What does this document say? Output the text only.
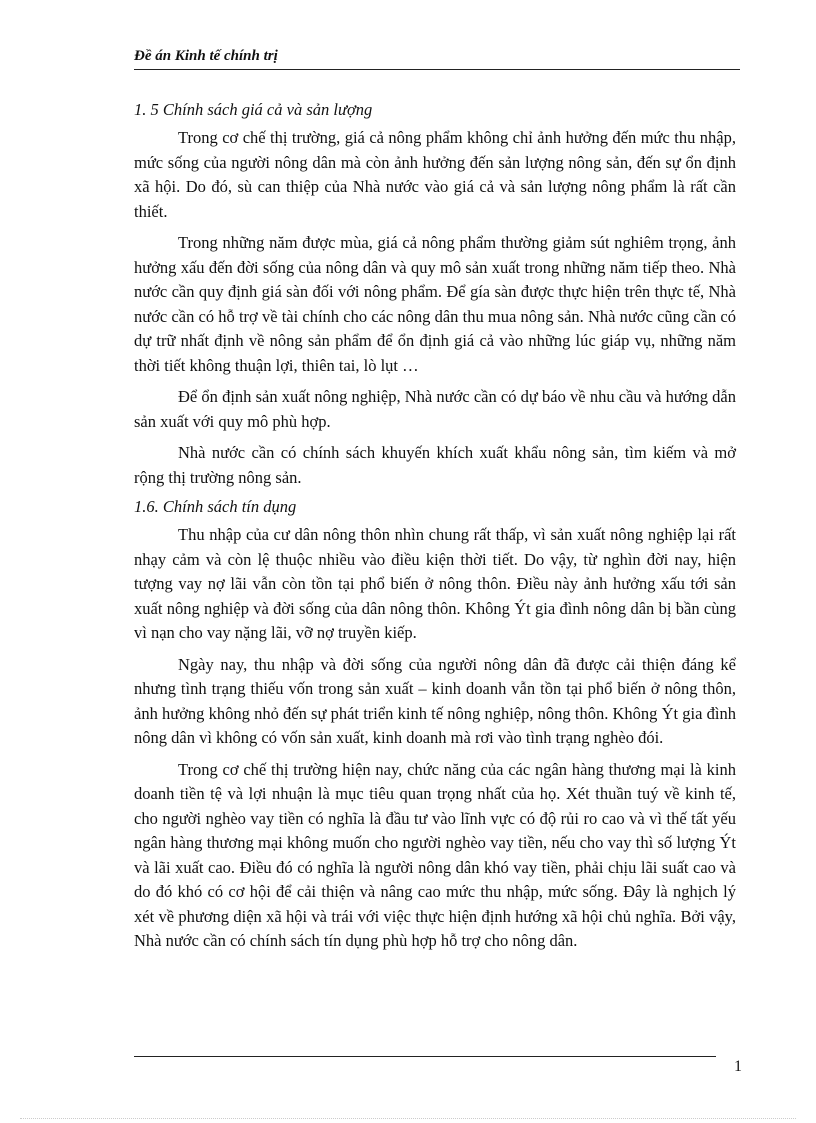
Đề án Kinh tế chính trị
1. 5 Chính sách giá cả và sản lượng

Trong cơ chế thị trường, giá cả nông phẩm không chỉ ảnh hưởng đến mức thu nhập, mức sống của người nông dân mà còn ảnh hưởng đến sản lượng nông sản, đến sự ổn định xã hội. Do đó, sù can thiệp của Nhà nước vào giá cả và sản lượng nông phẩm là rất cần thiết.

Trong những năm được mùa, giá cả nông phẩm thường giảm sút nghiêm trọng, ảnh hưởng xấu đến đời sống của nông dân và quy mô sản xuất trong những năm tiếp theo. Nhà nước cần quy định giá sàn đối với nông phẩm. Để gía sàn được thực hiện trên thực tế, Nhà nước cần có hỗ trợ về tài chính cho các nông dân thu mua nông sản. Nhà nước cũng cần có dự trữ nhất định về nông sản phẩm để ổn định giá cả vào những lúc giáp vụ, những năm thời tiết không thuận lợi, thiên tai, lò lụt …

Để ổn định sản xuất nông nghiệp, Nhà nước cần có dự báo về nhu cầu và hướng dẫn sản xuất với quy mô phù hợp.

Nhà nước cần có chính sách khuyến khích xuất khẩu nông sản, tìm kiếm và mở rộng thị trường nông sản.

1.6. Chính sách tín dụng

Thu nhập của cư dân nông thôn nhìn chung rất thấp, vì sản xuất nông nghiệp lại rất nhạy cảm và còn lệ thuộc nhiều vào điều kiện thời tiết. Do vậy, từ nghìn đời nay, hiện tượng vay nợ lãi vẫn còn tồn tại phổ biến ở nông thôn. Điều này ảnh hưởng xấu tới sản xuất nông nghiệp và đời sống của dân nông thôn. Không Ýt gia đình nông dân bị bần cùng vì nạn cho vay nặng lãi, vỡ nợ truyền kiếp.

Ngày nay, thu nhập và đời sống của người nông dân đã được cải thiện đáng kể nhưng tình trạng thiếu vốn trong sản xuất – kinh doanh vẫn tồn tại phổ biến ở nông thôn, ảnh hưởng không nhỏ đến sự phát triển kinh tế nông nghiệp, nông thôn. Không Ýt gia đình nông dân vì không có vốn sản xuất, kinh doanh mà rơi vào tình trạng nghèo đói.

Trong cơ chế thị trường hiện nay, chức năng của các ngân hàng thương mại là kinh doanh tiền tệ và lợi nhuận là mục tiêu quan trọng nhất của họ. Xét thuần tuý về kinh tế, cho người nghèo vay tiền có nghĩa là đầu tư vào lĩnh vực có độ rủi ro cao và vì thế tất yếu ngân hàng thương mại không muốn cho người nghèo vay tiền, nếu cho vay thì số lượng Ýt và lãi xuất cao. Điều đó có nghĩa là người nông dân khó vay tiền, phải chịu lãi suất cao và do đó khó có cơ hội để cải thiện và nâng cao mức thu nhập, mức sống. Đây là nghịch lý xét về phương diện xã hội và trái với việc thực hiện định hướng xã hội chủ nghĩa. Bởi vậy, Nhà nước cần có chính sách tín dụng phù hợp hỗ trợ cho nông dân.

1
